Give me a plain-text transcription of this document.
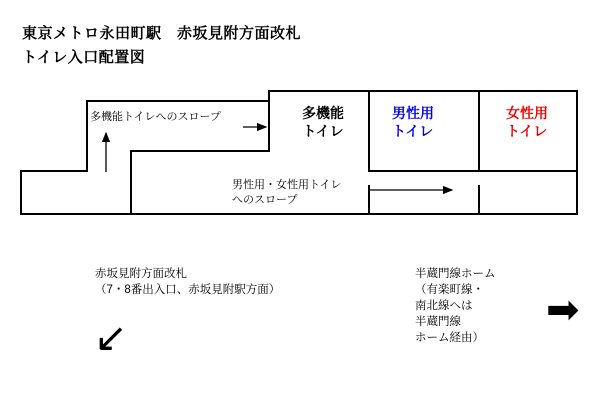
東京メトロ永田町駅　赤坂見附方面改札
トイレ入口配置図
多機能
トイレ
男性用
トイレ
女性用
トイレ
多機能トイレへのスロープ
男性用・女性用トイレ
へのスロープ
赤坂見附方面改札
（7・8番出入口、赤坂見附駅方面）
↙
半蔵門線ホーム
（有楽町線・
南北線へは
半蔵門線
ホーム経由）
➡
